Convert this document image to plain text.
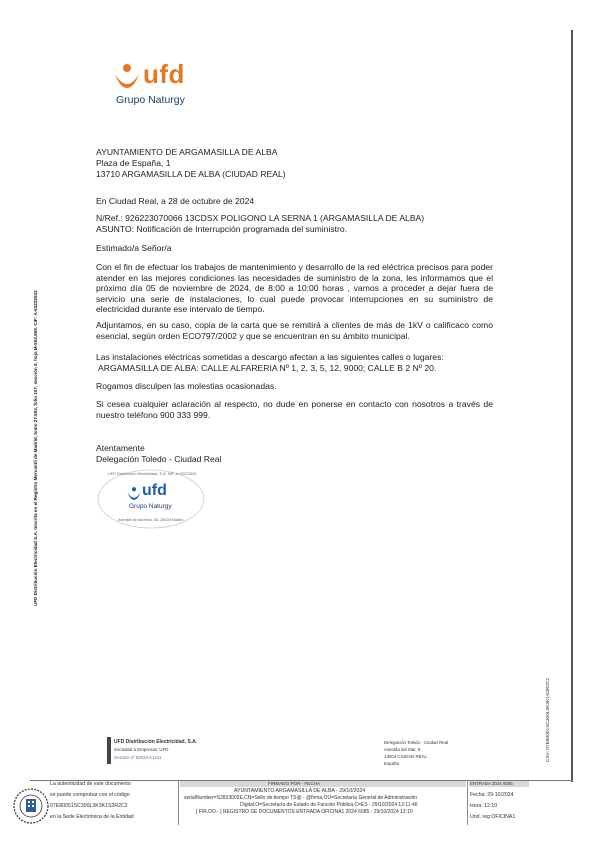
ufd
Grupo Naturgy
AYUNTAMIENTO DE ARGAMASILLA DE ALBA
Plaza de España, 1
13710 ARGAMASILLA DE ALBA (CIUDAD REAL)
En Ciudad Real, a 28 de octubre de 2024
N/Ref.: 926223070066 13CDSX POLIGONO LA SERNA 1 (ARGAMASILLA DE ALBA)
ASUNTO: Notificación de Interrupción programada del suministro.
Estimado/a Señor/a
Con el fin de efectuar los trabajos de mantenimiento y desarrollo de la red eléctrica precisos para poder atender en las mejores condiciones las necesidades de suministro de la zona, les informamos que el próximo día 05 de noviembre de 2024, de 8:00 a 10:00 horas , vamos a proceder a dejar fuera de servicio una serie de instalaciones, lo cual puede provocar interrupciones en su suministro de electricidad durante ese intervalo de tiempo.
Adjuntamos, en su caso, copia de la carta que se remitirá a clientes de más de 1kV o calificaco como esencial, según orden ECO797/2002 y que se encuentran en su ámbito municipal.
Las instalaciones eléctricas sometidas a descargo afectan a las siguientes calles o lugares:
ARGAMASILLA DE ALBA: CALLE ALFARERIA Nº 1, 2, 3, 5, 12, 9000; CALLE B 2 Nº 20.
Rogamos disculpen las molestias ocasionadas.
Si cesea cualquier aclaración al respecto, no dude en ponerse en contacto con nosotros a través de nuestro teléfono 900 333 999.
Atentamente
Delegación Toledo - Ciudad Real
UFD Distribución Electricidad, S.A. NIF: A-63222533
ufd
Grupo Naturgy
Avenida de América, 38, 28028 Madrid
UFD Distribución Electricidad S.A. Inscrita en el Registro Mercantil de Madrid, tomo 27.553, folio 157, sección 8, hoja M-503.899. CIF: A-63222533
CSV: 07E80051SC300L3K3K1S3R2C2
UFD Distribución Electricidad, S.A.
Sociedad a Empresas: UFD
SALIDA nº 52024 A1141
Delegación Toledo - Ciudad Real
Avenida del Mar, 9
13004 CIUDAD REAL
España
La autenticidad de este documento
se puede comprobar con el código
07E80051SC300L3K3K1S3R2C2
en la Sede Electrónica de la Entidad
FIRMADO POR - FECHA
AYUNTAMIENTO ARGAMASILLA DE ALBA - 29/10/2024
serialNumber=S2833002E,CN=Sello de tiempo TS@ - @firma,OU=Secretaría General de Administración
Digital,O=Secretaría de Estado de Función Pública,C=ES - 29/10/2024 12:11:46
[ FIR.DO.- ] REGISTRO DE DOCUMENTOS ENTRADA OFICINA1 2024 6085 - 29/10/2024 12:10
ENTRADA 2024 6085
Fecha: 29-10/2024
Hora: 12:10
Und. reg:OFICINA1
